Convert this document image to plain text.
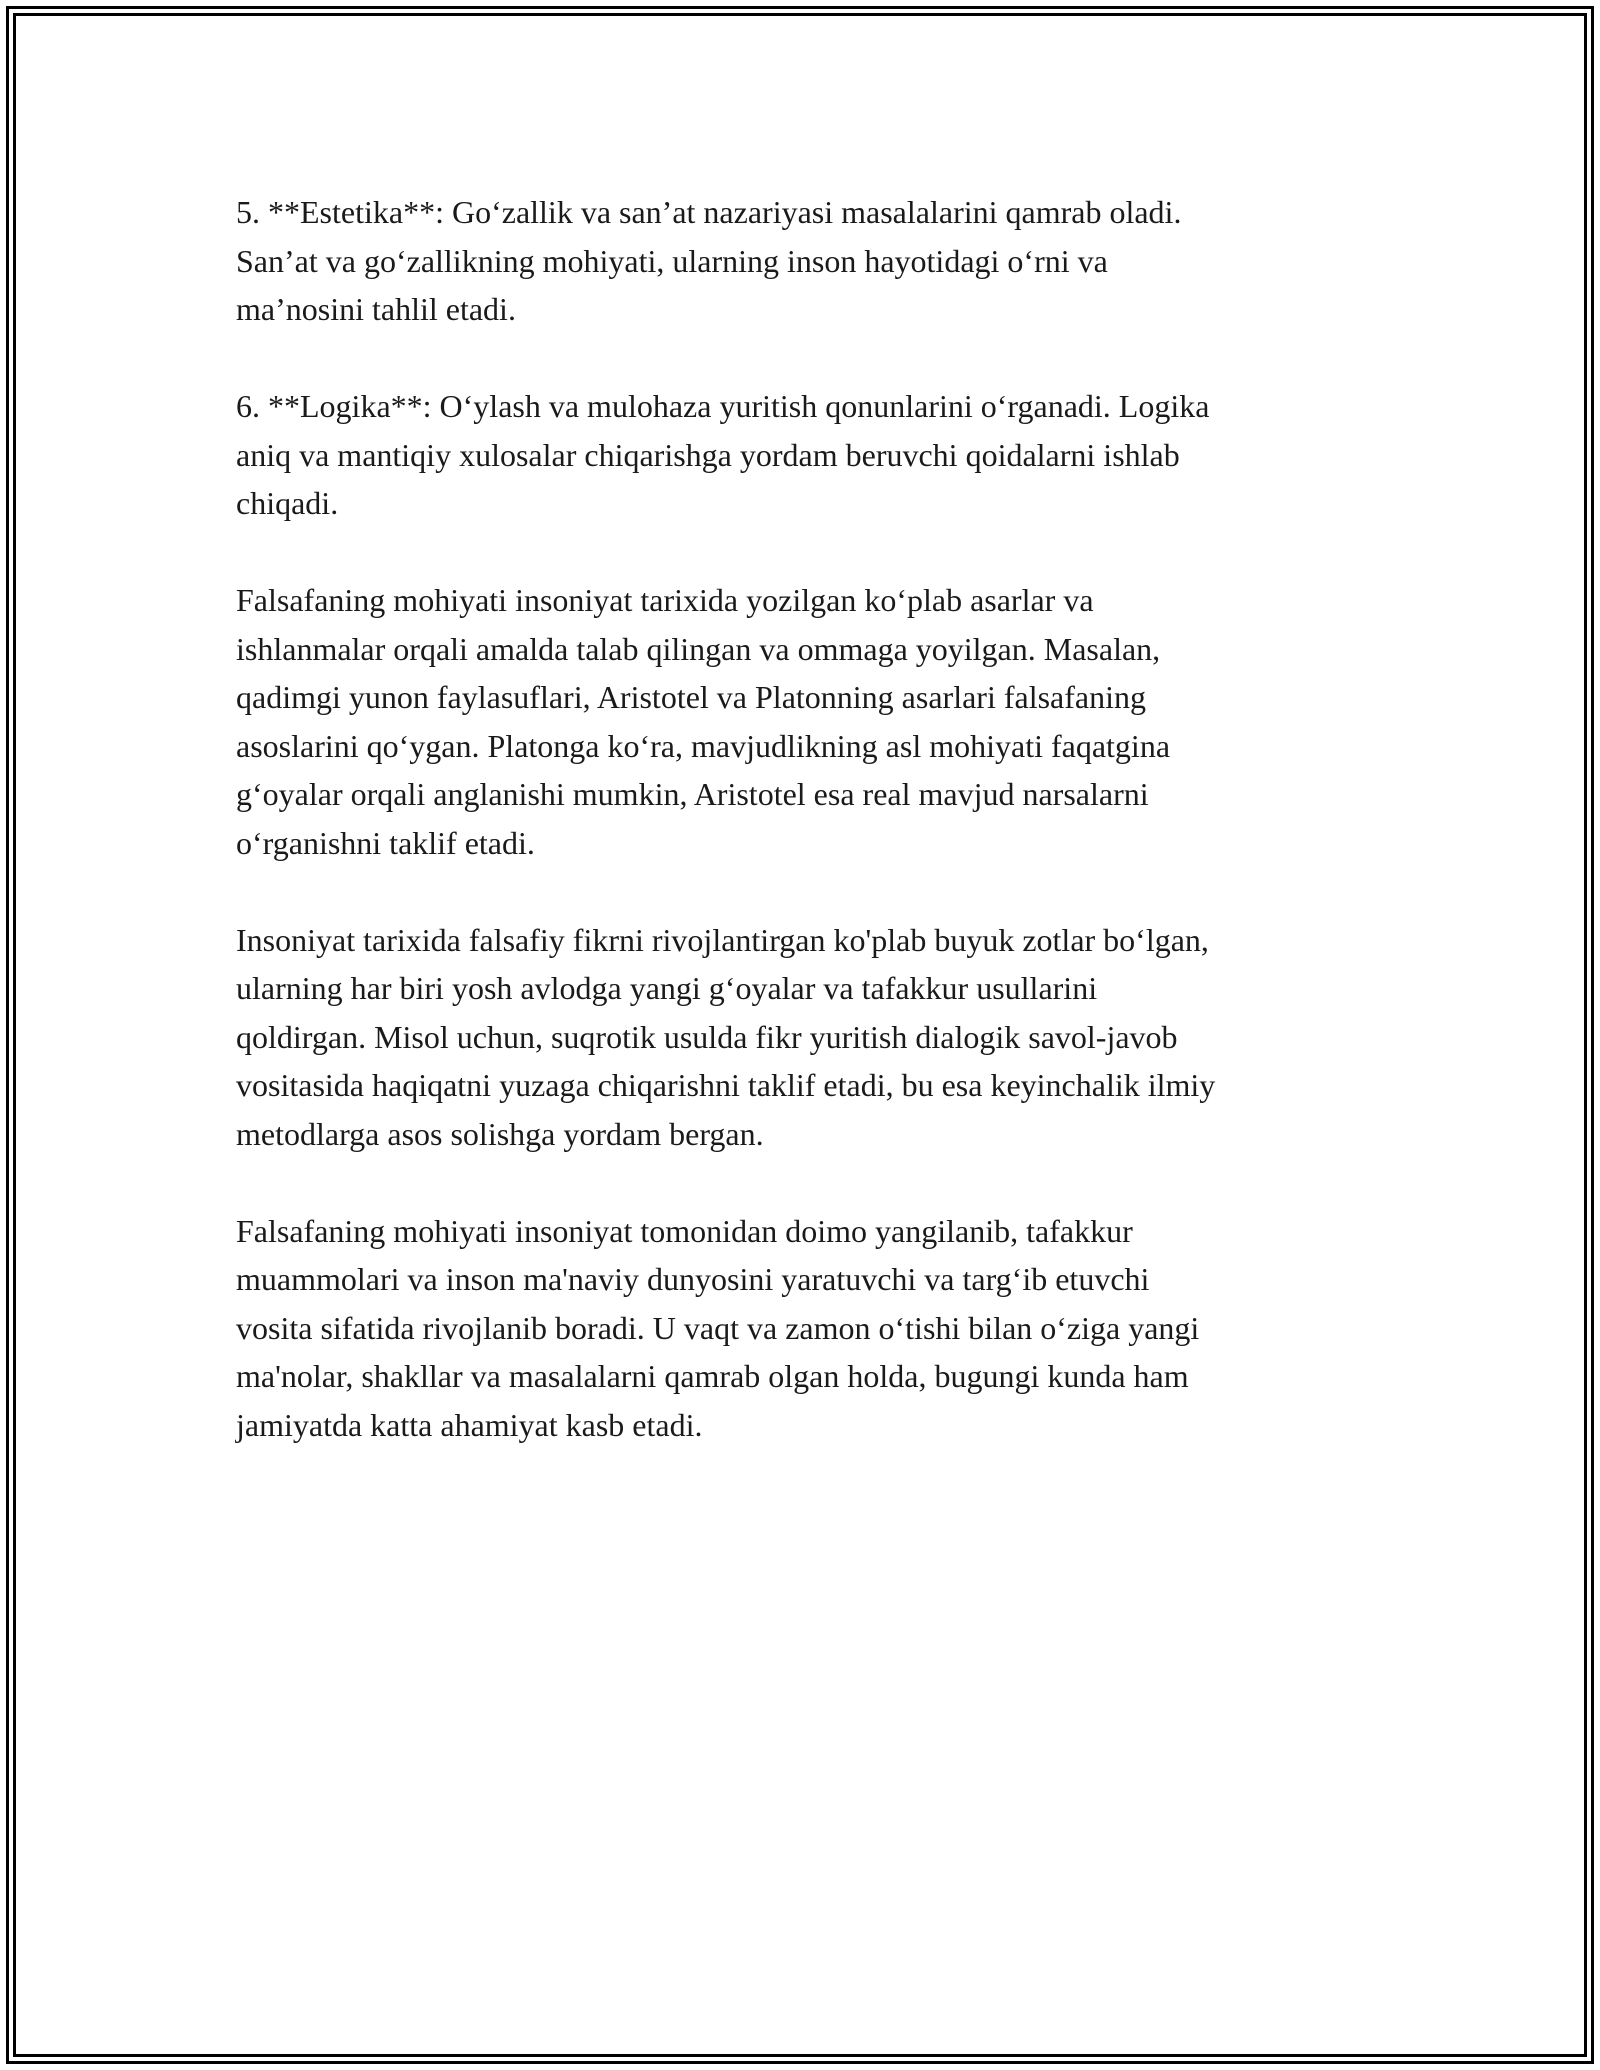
5. **Estetika**: Go‘zallik va san’at nazariyasi masalalarini qamrab oladi.
San’at va go‘zallikning mohiyati, ularning inson hayotidagi o‘rni va
ma’nosini tahlil etadi.

6. **Logika**: O‘ylash va mulohaza yuritish qonunlarini o‘rganadi. Logika
aniq va mantiqiy xulosalar chiqarishga yordam beruvchi qoidalarni ishlab
chiqadi.

Falsafaning mohiyati insoniyat tarixida yozilgan ko‘plab asarlar va
ishlanmalar orqali amalda talab qilingan va ommaga yoyilgan. Masalan,
qadimgi yunon faylasuflari, Aristotel va Platonning asarlari falsafaning
asoslarini qo‘ygan. Platonga ko‘ra, mavjudlikning asl mohiyati faqatgina
g‘oyalar orqali anglanishi mumkin, Aristotel esa real mavjud narsalarni
o‘rganishni taklif etadi.

Insoniyat tarixida falsafiy fikrni rivojlantirgan ko'plab buyuk zotlar bo‘lgan,
ularning har biri yosh avlodga yangi g‘oyalar va tafakkur usullarini
qoldirgan. Misol uchun, suqrotik usulda fikr yuritish dialogik savol-javob
vositasida haqiqatni yuzaga chiqarishni taklif etadi, bu esa keyinchalik ilmiy
metodlarga asos solishga yordam bergan.

Falsafaning mohiyati insoniyat tomonidan doimo yangilanib, tafakkur
muammolari va inson ma'naviy dunyosini yaratuvchi va targ‘ib etuvchi
vosita sifatida rivojlanib boradi. U vaqt va zamon o‘tishi bilan o‘ziga yangi
ma'nolar, shakllar va masalalarni qamrab olgan holda, bugungi kunda ham
jamiyatda katta ahamiyat kasb etadi.
